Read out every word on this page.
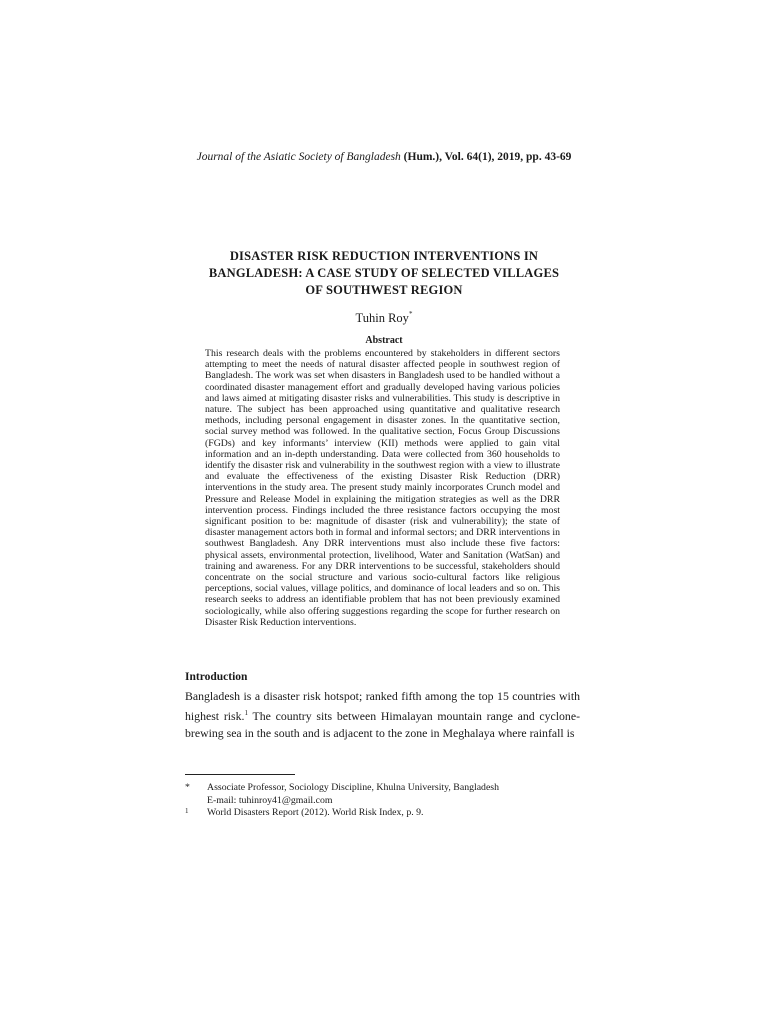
Journal of the Asiatic Society of Bangladesh (Hum.), Vol. 64(1), 2019, pp. 43-69
DISASTER RISK REDUCTION INTERVENTIONS IN
BANGLADESH: A CASE STUDY OF SELECTED VILLAGES
OF SOUTHWEST REGION
Tuhin Roy*
Abstract
This research deals with the problems encountered by stakeholders in different sectors attempting to meet the needs of natural disaster affected people in southwest region of Bangladesh. The work was set when disasters in Bangladesh used to be handled without a coordinated disaster management effort and gradually developed having various policies and laws aimed at mitigating disaster risks and vulnerabilities. This study is descriptive in nature. The subject has been approached using quantitative and qualitative research methods, including personal engagement in disaster zones. In the quantitative section, social survey method was followed. In the qualitative section, Focus Group Discussions (FGDs) and key informants’ interview (KII) methods were applied to gain vital information and an in-depth understanding. Data were collected from 360 households to identify the disaster risk and vulnerability in the southwest region with a view to illustrate and evaluate the effectiveness of the existing Disaster Risk Reduction (DRR) interventions in the study area. The present study mainly incorporates Crunch model and Pressure and Release Model in explaining the mitigation strategies as well as the DRR intervention process. Findings included the three resistance factors occupying the most significant position to be: magnitude of disaster (risk and vulnerability); the state of disaster management actors both in formal and informal sectors; and DRR interventions in southwest Bangladesh. Any DRR interventions must also include these five factors: physical assets, environmental protection, livelihood, Water and Sanitation (WatSan) and training and awareness. For any DRR interventions to be successful, stakeholders should concentrate on the social structure and various socio-cultural factors like religious perceptions, social values, village politics, and dominance of local leaders and so on. This research seeks to address an identifiable problem that has not been previously examined sociologically, while also offering suggestions regarding the scope for further research on Disaster Risk Reduction interventions.
Introduction
Bangladesh is a disaster risk hotspot; ranked fifth among the top 15 countries with highest risk.$^1$ The country sits between Himalayan mountain range and cyclone-brewing sea in the south and is adjacent to the zone in Meghalaya where rainfall is
* Associate Professor, Sociology Discipline, Khulna University, Bangladesh
E-mail: tuhinroy41@gmail.com
1 World Disasters Report (2012). World Risk Index, p. 9.
